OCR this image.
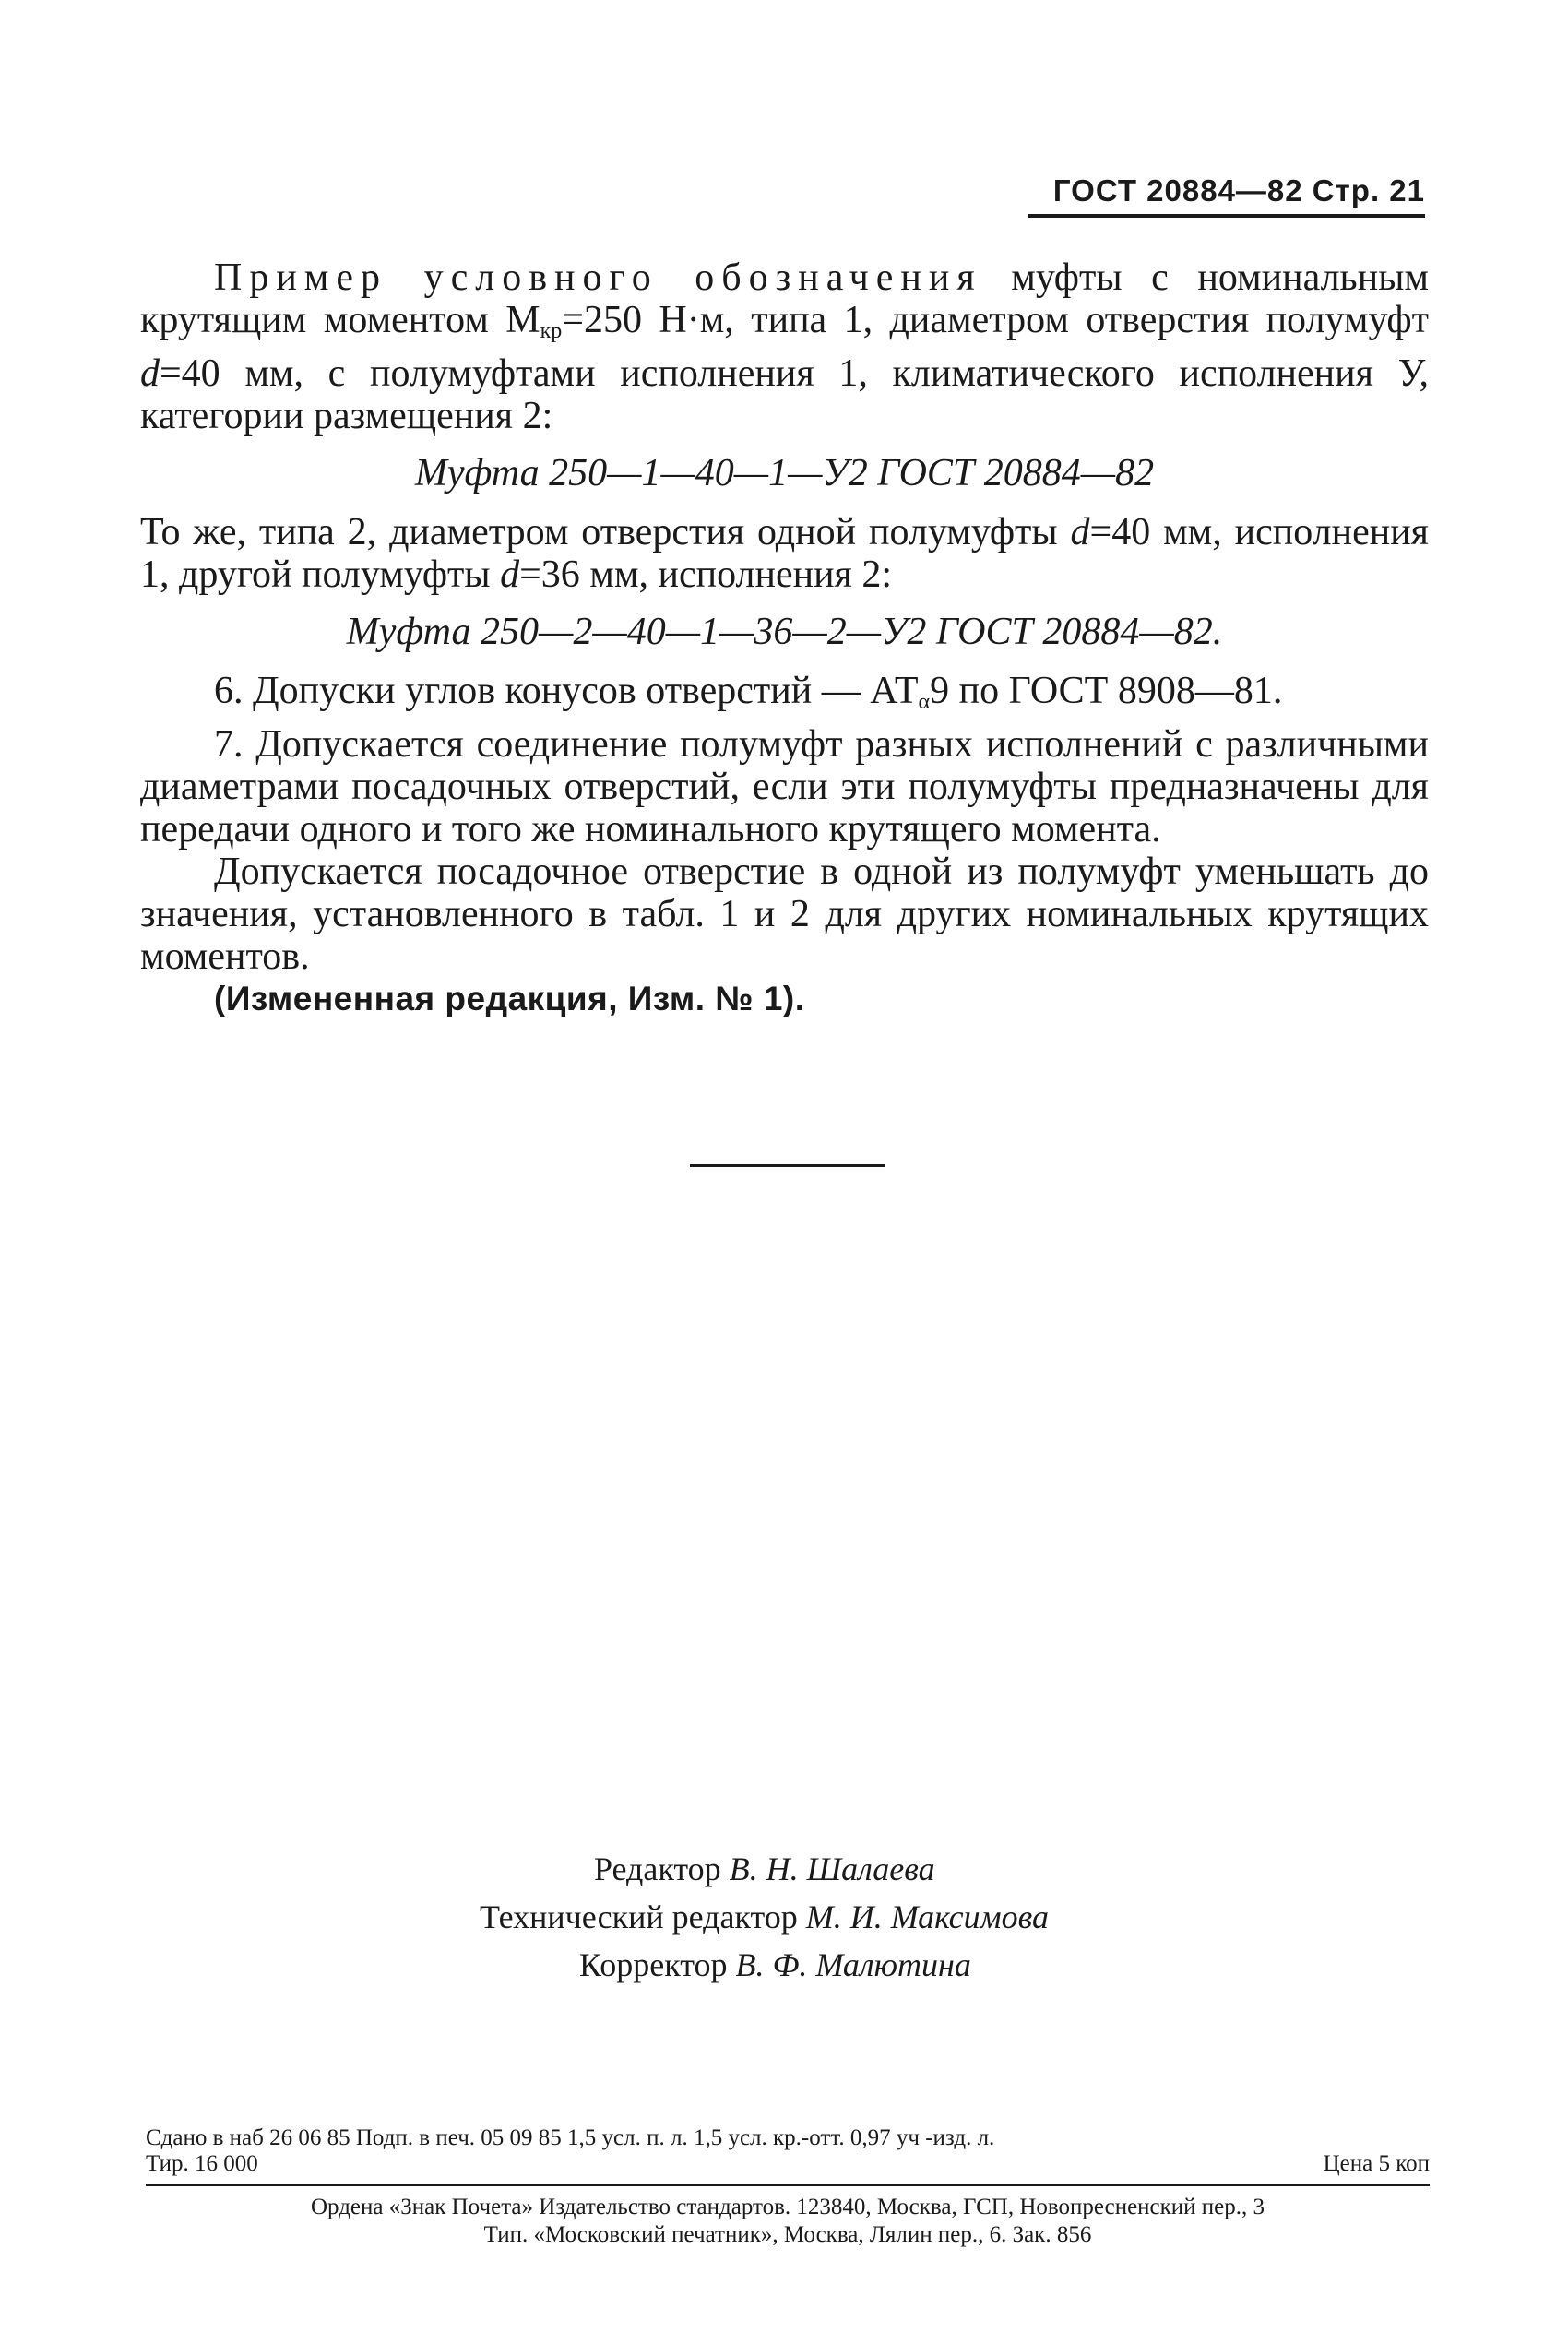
ГОСТ 20884—82 Стр. 21

Пример условного обозначения муфты с номинальным крутящим моментом $М_{кр}=250$ Н·м, типа 1, диаметром отверстия полумуфт d=40 мм, с полумуфтами исполнения 1, климатического исполнения У, категории размещения 2:

Муфта 250—1—40—1—У2 ГОСТ 20884—82

То же, типа 2, диаметром отверстия одной полумуфты d=40 мм, исполнения 1, другой полумуфты d=36 мм, исполнения 2:

Муфта 250—2—40—1—36—2—У2 ГОСТ 20884—82.

6. Допуски углов конусов отверстий — $АТ_\alpha 9$ по ГОСТ 8908—81.

7. Допускается соединение полумуфт разных исполнений с различными диаметрами посадочных отверстий, если эти полумуфты предназначены для передачи одного и того же номинального крутящего момента.

Допускается посадочное отверстие в одной из полумуфт уменьшать до значения, установленного в табл. 1 и 2 для других номинальных крутящих моментов.

(Измененная редакция, Изм. № 1).

Редактор В. Н. Шалаева
Технический редактор М. И. Максимова
Корректор В. Ф. Малютина
Сдано в наб 26 06 85 Подп. в печ. 05 09 85 1,5 усл. п. л. 1,5 усл. кр.-отт. 0,97 уч -изд. л.
Тир. 16 000	Цена 5 коп
Ордена «Знак Почета» Издательство стандартов. 123840, Москва, ГСП, Новопресненский пер., 3
Тип. «Московский печатник», Москва, Лялин пер., 6. Зак. 856
